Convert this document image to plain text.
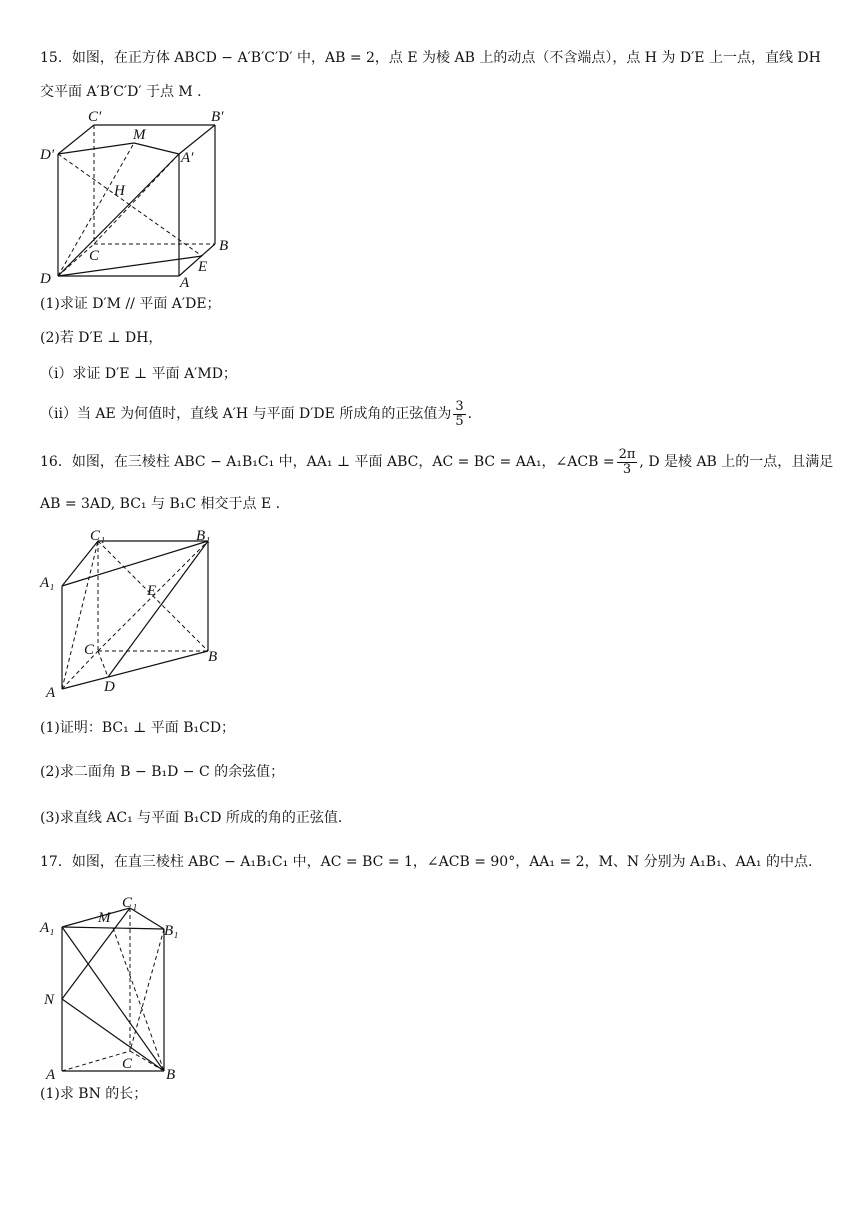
15．如图，在正方体 ABCD − A′B′C′D′ 中，AB = 2，点 E 为棱 AB 上的动点（不含端点），点 H 为 D′E 上一点，直线 DH
交平面 A′B′C′D′ 于点 M .
C′
M
B′
D′	A′
H
C
B
E
D	A
(1)求证 D′M // 平面 A′DE；
(2)若 D′E ⊥ DH，
（i）求证 D′E ⊥ 平面 A′MD；
（ii）当 AE 为何值时，直线 A′H 与平面 D′DE 所成角的正弦值为 $\frac{3}{5}$ .
16．如图，在三棱柱 ABC − A₁B₁C₁ 中，AA₁ ⊥ 平面 ABC，AC = BC = AA₁，∠ACB = $\frac{2\pi}{3}$ , D 是棱 AB 上的一点，且满足
AB = 3AD, BC₁ 与 B₁C 相交于点 E .
C₁	B₁
A₁	E
C	B
A	D
(1)证明：BC₁ ⊥ 平面 B₁CD；
(2)求二面角 B − B₁D − C 的余弦值；
(3)求直线 AC₁ 与平面 B₁CD 所成的角的正弦值.
17．如图，在直三棱柱 ABC − A₁B₁C₁ 中，AC = BC = 1，∠ACB = 90°，AA₁ = 2，M、N 分别为 A₁B₁、AA₁ 的中点.
C₁
A₁
M
B₁
N
C
A	B
(1)求 BN 的长；
